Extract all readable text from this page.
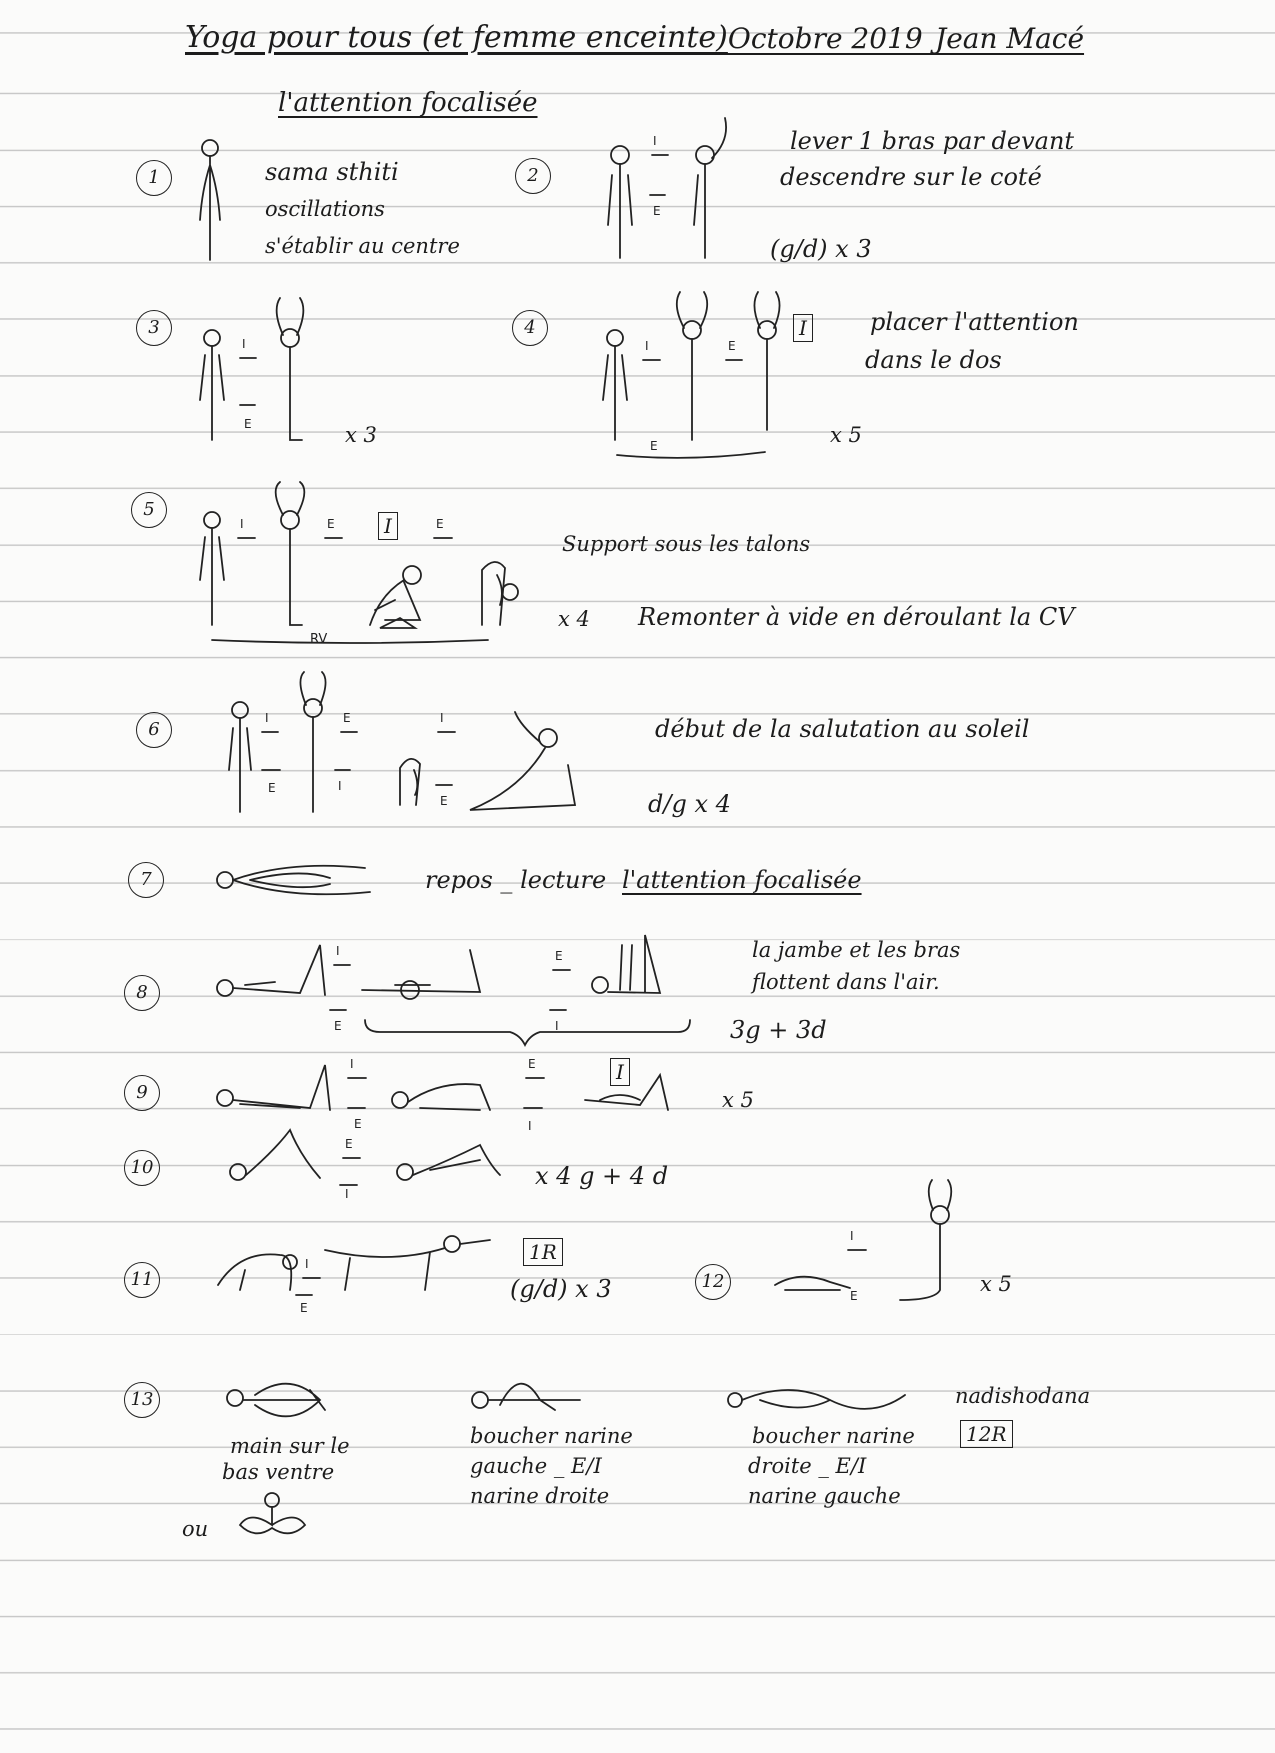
Yoga pour tous (et femme enceinte)
_ Octobre 2019 _
Jean Macé
l'attention focalisée
1	2
3	4
5
6
7
8
9
10
11	12
13
sama sthiti
oscillations
s'établir au centre
lever 1 bras par devant
descendre sur le coté
(g/d) x 3
x 3
I	placer l'attention
dans le dos
x 5
I
Support sous les talons
x 4 Remonter à vide en déroulant la CV
début de la salutation au soleil
d/g x 4
repos _ lecture l'attention focalisée
la jambe et les bras
flottent dans l'air.
3g + 3d
I
x 5
x 4 g + 4 d
1R
(g/d) x 3	x 5
main sur le
bas ventre
boucher narine
gauche _ E/I
narine droite
boucher narine
droite _ E/I
narine gauche
nadishodana
12R
ou
I
E
I
E
I	E
E
I	E	E
RV
I
E
E
I
I
E
I
E
E
I
I
E
E
I
E
I
I
E
I
E
